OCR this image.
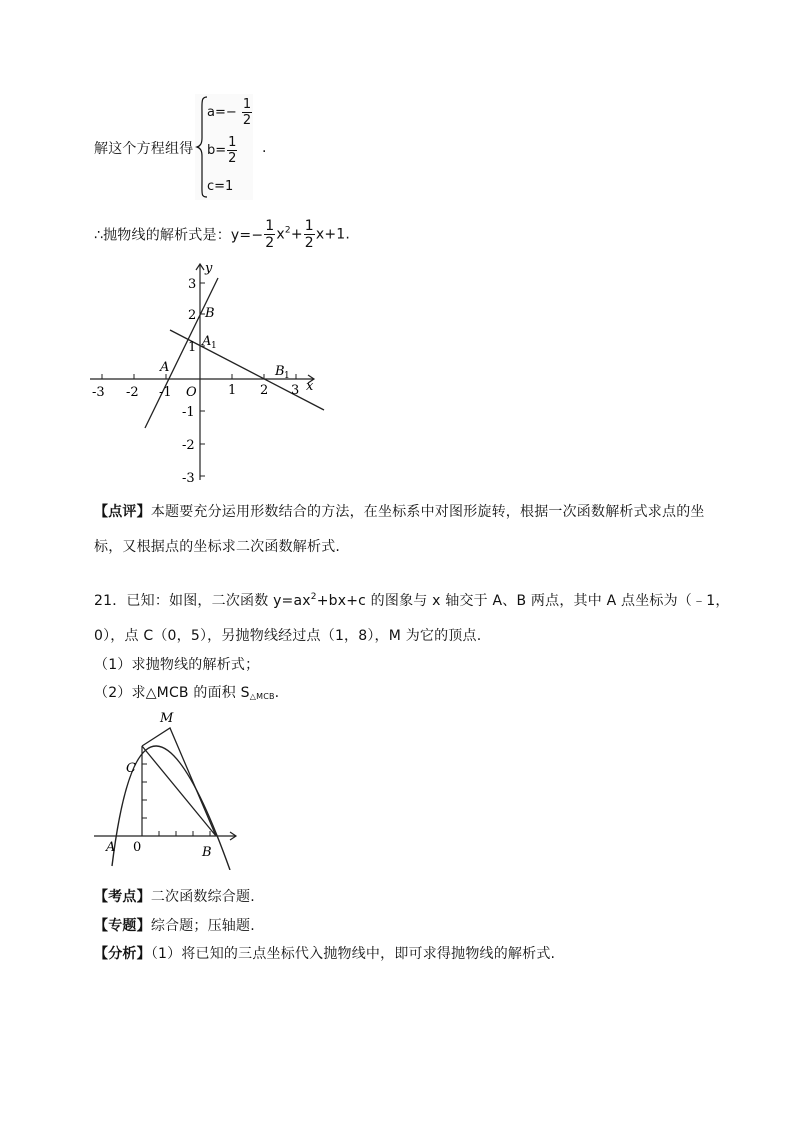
解这个方程组得
$a=- \frac{1}{2}$
$b= \frac{1}{2}$
c=1
.
∴抛物线的解析式是：$y=- \frac{1}{2} x^2+ \frac{1}{2} x+1$.
-3 -2 -1	1 2 3
3
2
1
-1
-2
-3
x
y
O
A
B
A 1
B 1
【点评】本题要充分运用形数结合的方法，在坐标系中对图形旋转，根据一次函数解析式求点的坐
标，又根据点的坐标求二次函数解析式.
21．已知：如图，二次函数 $y=ax^2+bx+c$ 的图象与 x 轴交于 A、B 两点，其中 A 点坐标为（﹣1，
0），点 C（0，5），另抛物线经过点（1，8），M 为它的顶点.
（1）求抛物线的解析式；
（2）求△MCB 的面积 $S_{\triangle MCB}$.
M
C
A 0	B
【考点】二次函数综合题.
【专题】综合题；压轴题.
【分析】（1）将已知的三点坐标代入抛物线中，即可求得抛物线的解析式.
